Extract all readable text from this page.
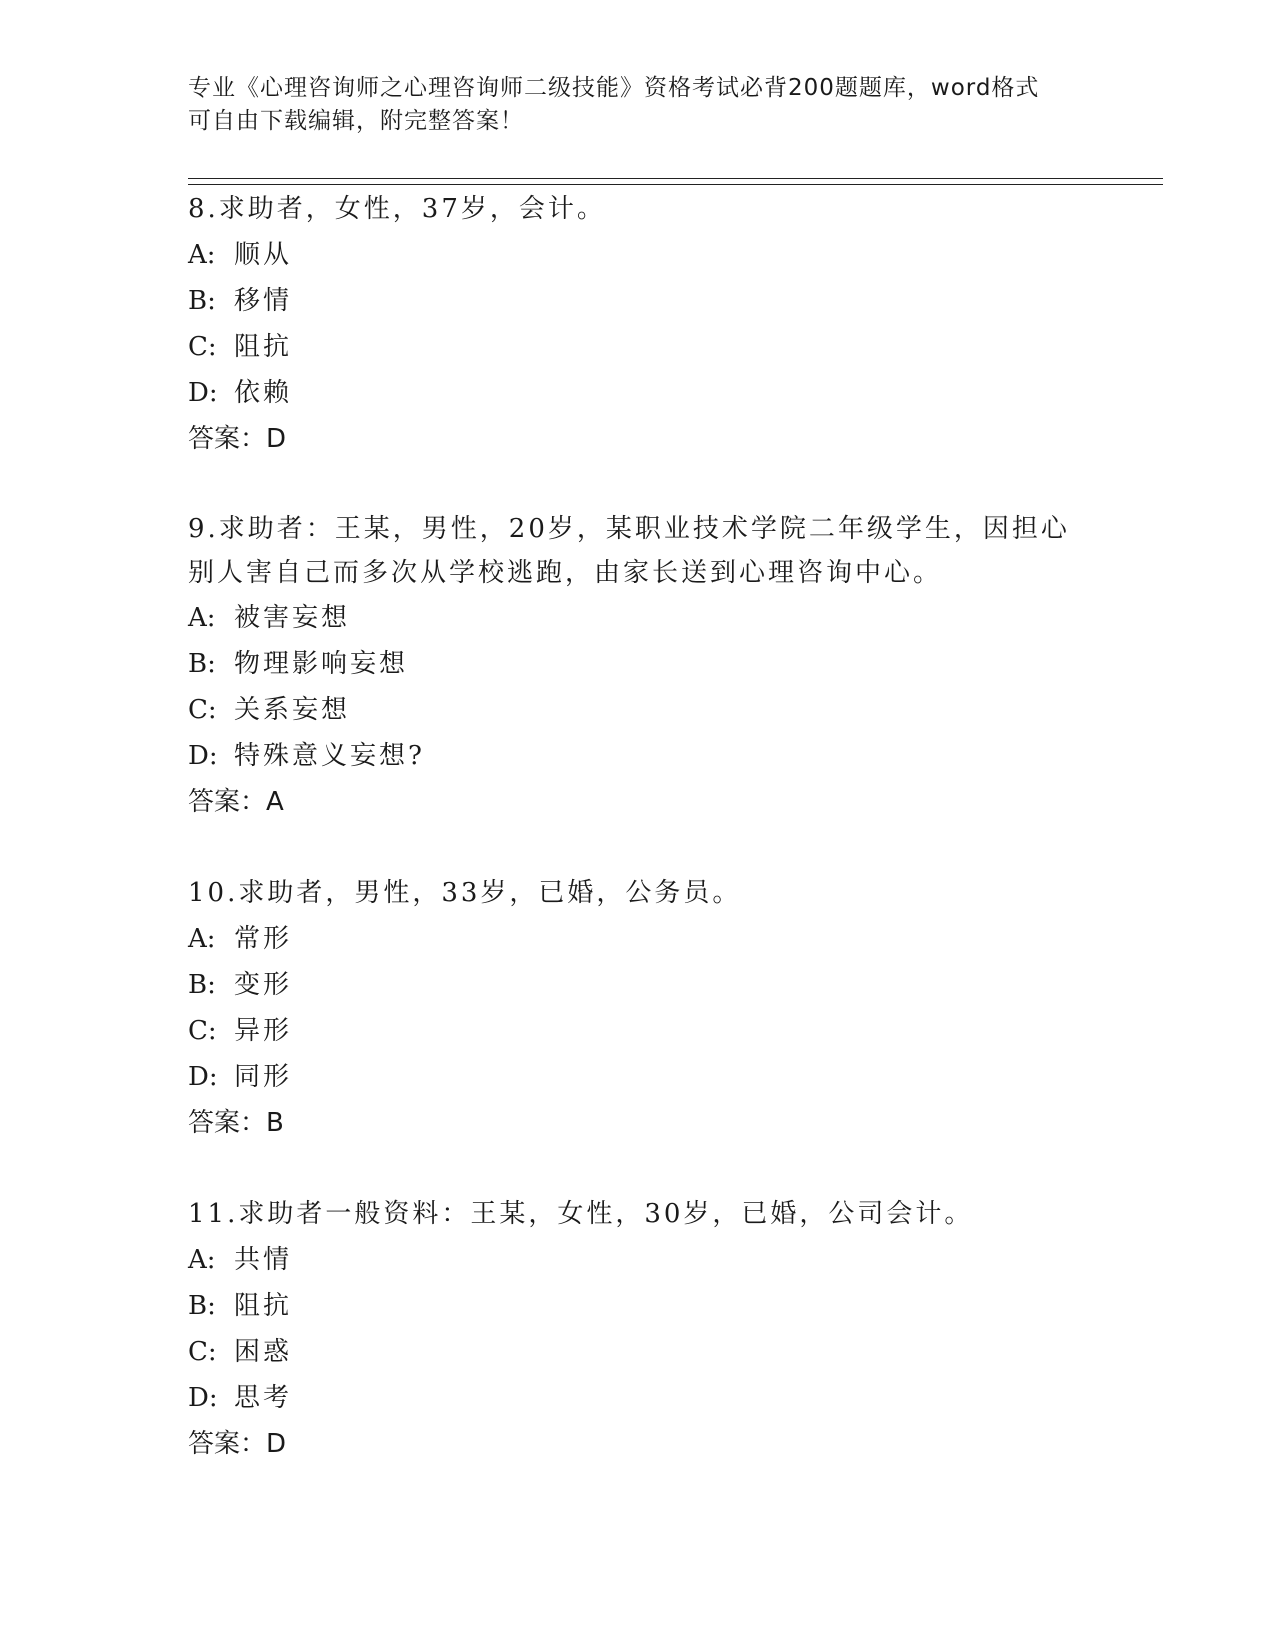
专业《心理咨询师之心理咨询师二级技能》资格考试必背200题题库，word格式
可自由下载编辑，附完整答案！
8.求助者，女性，37岁，会计。
A: 顺从
B: 移情
C: 阻抗
D: 依赖
答案：D
9.求助者：王某，男性，20岁，某职业技术学院二年级学生，因担心
别人害自己而多次从学校逃跑，由家长送到心理咨询中心。
A: 被害妄想
B: 物理影响妄想
C: 关系妄想
D: 特殊意义妄想?
答案：A
10.求助者，男性，33岁，已婚，公务员。
A: 常形
B: 变形
C: 异形
D: 同形
答案：B
11.求助者一般资料：王某，女性，30岁，已婚，公司会计。
A: 共情
B: 阻抗
C: 困惑
D: 思考
答案：D
